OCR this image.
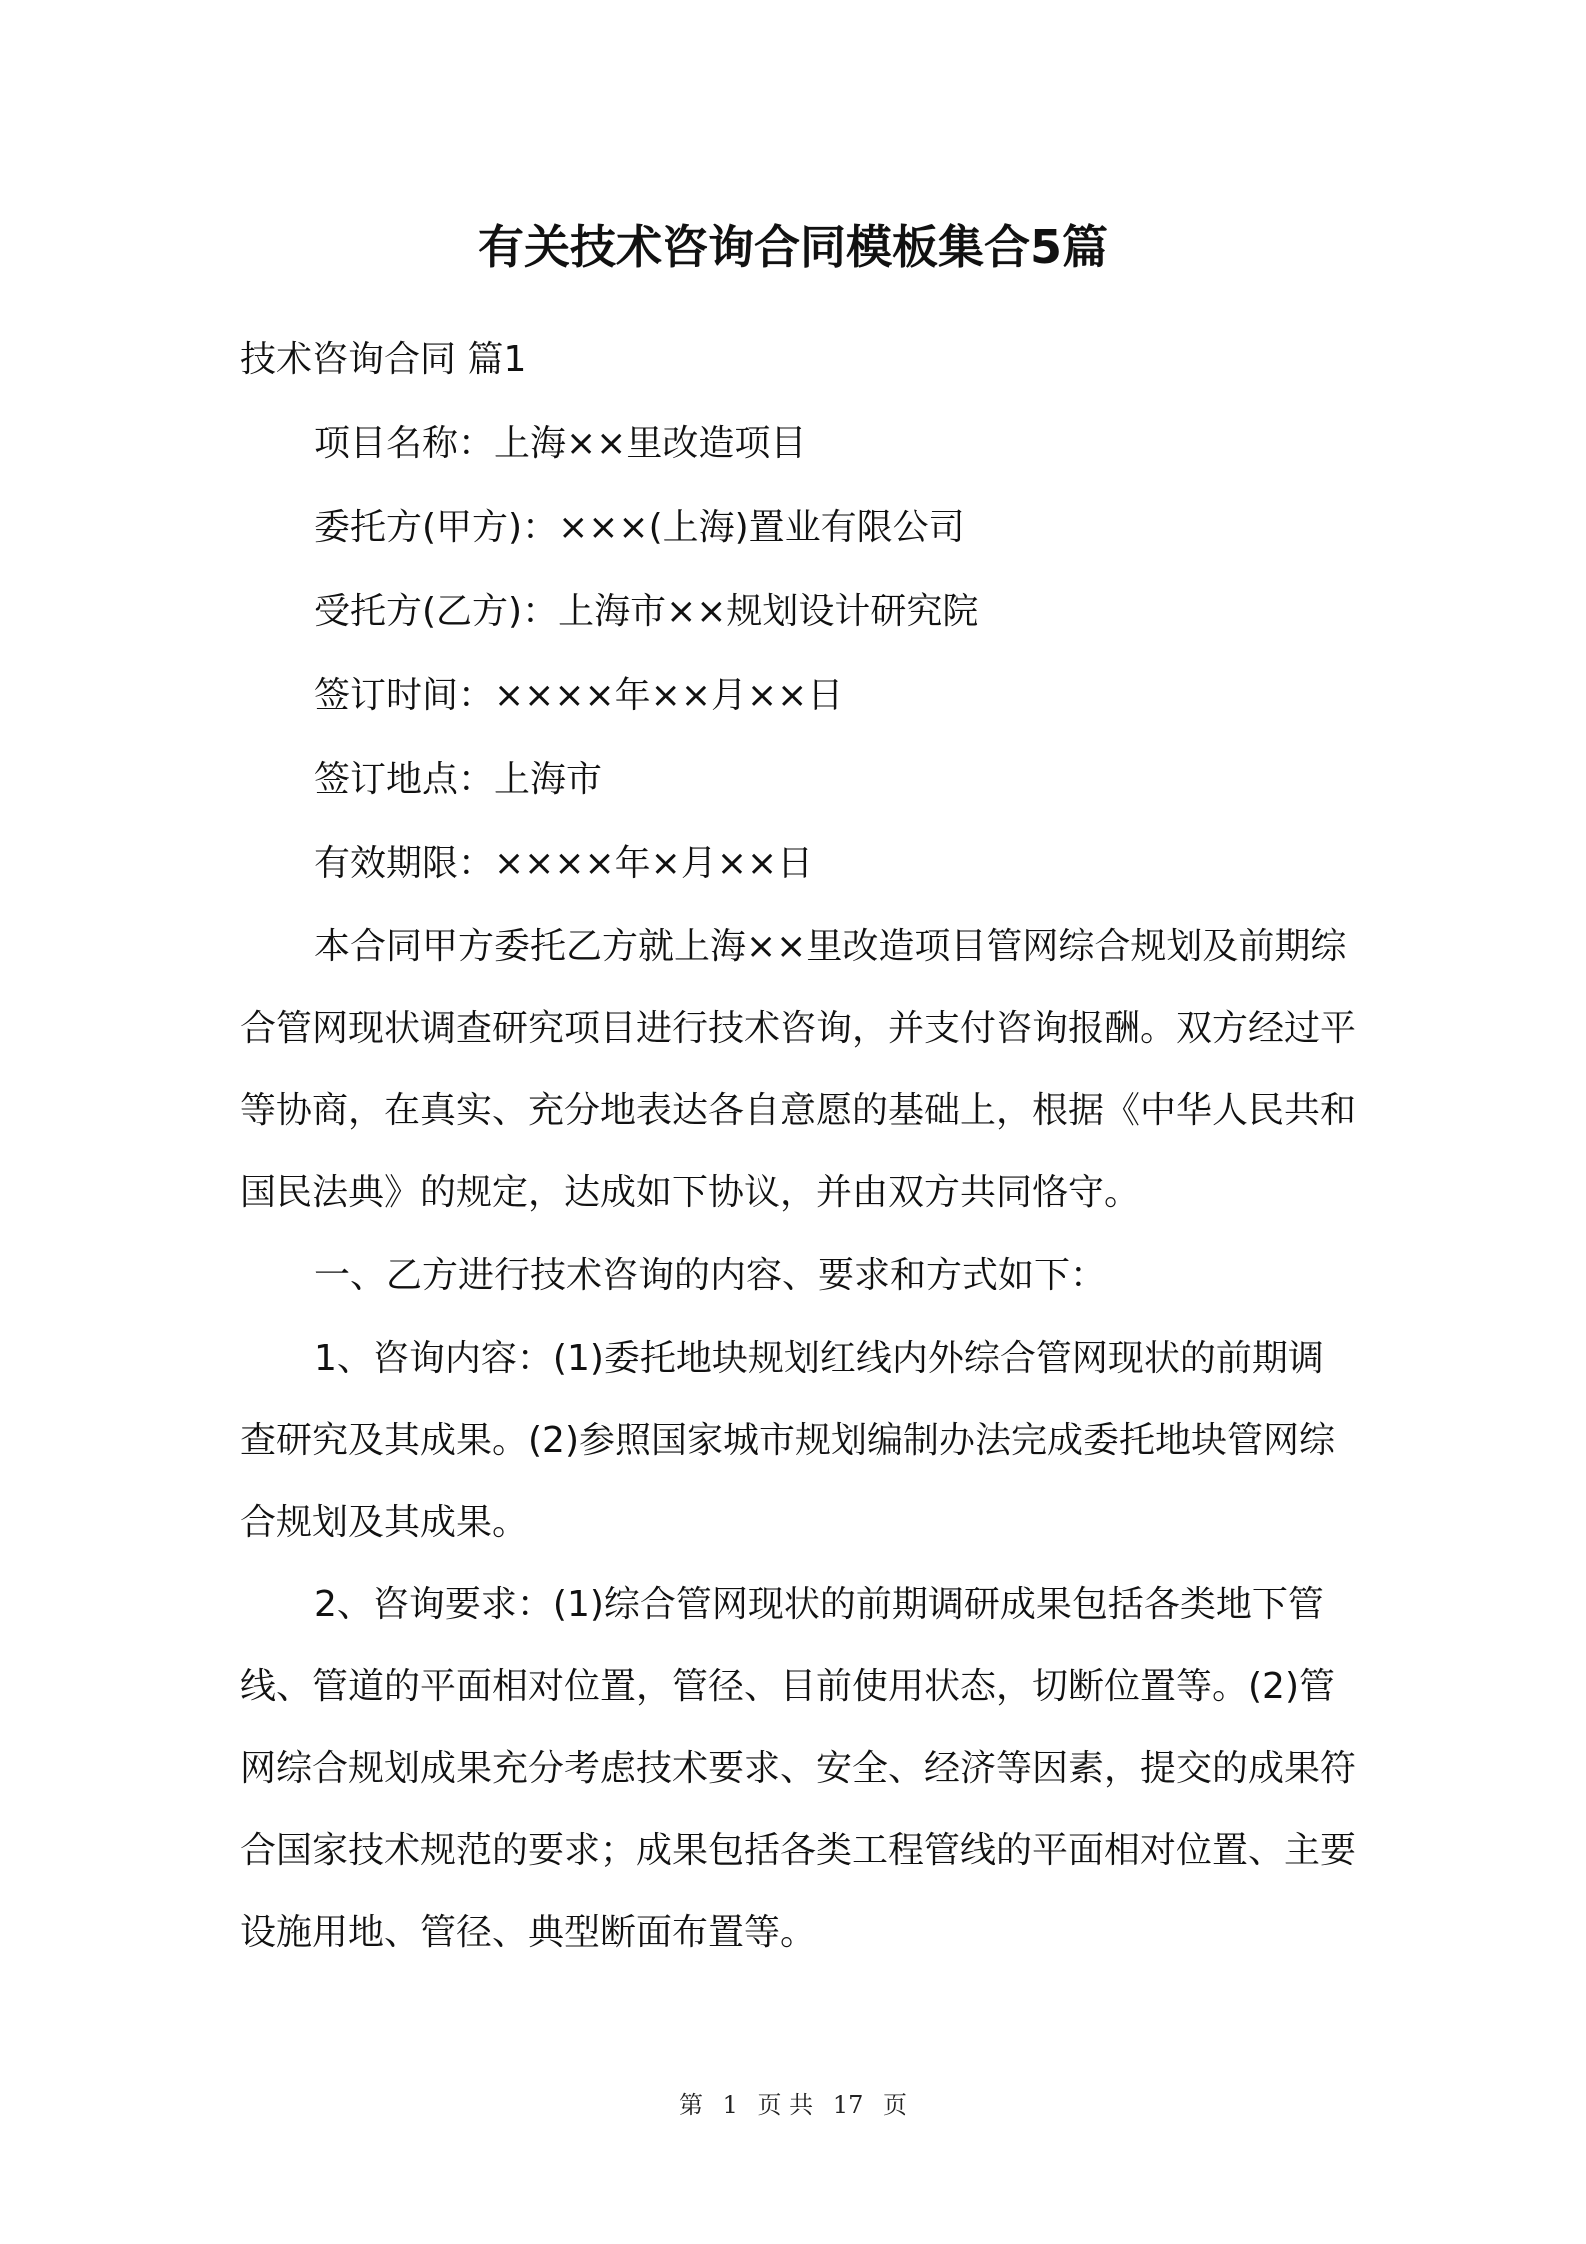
有关技术咨询合同模板集合5篇

技术咨询合同 篇1

项目名称：上海××里改造项目

委托方(甲方)：×××(上海)置业有限公司

受托方(乙方)：上海市××规划设计研究院

签订时间：××××年××月××日

签订地点：上海市

有效期限：××××年×月××日

本合同甲方委托乙方就上海××里改造项目管网综合规划及前期综合管网现状调查研究项目进行技术咨询，并支付咨询报酬。双方经过平等协商，在真实、充分地表达各自意愿的基础上，根据《中华人民共和国民法典》的规定，达成如下协议，并由双方共同恪守。

一、乙方进行技术咨询的内容、要求和方式如下：

1、咨询内容：(1)委托地块规划红线内外综合管网现状的前期调查研究及其成果。(2)参照国家城市规划编制办法完成委托地块管网综合规划及其成果。

2、咨询要求：(1)综合管网现状的前期调研成果包括各类地下管线、管道的平面相对位置，管径、目前使用状态，切断位置等。(2)管网综合规划成果充分考虑技术要求、安全、经济等因素，提交的成果符合国家技术规范的要求；成果包括各类工程管线的平面相对位置、主要设施用地、管径、典型断面布置等。

第 1 页 共 17 页
